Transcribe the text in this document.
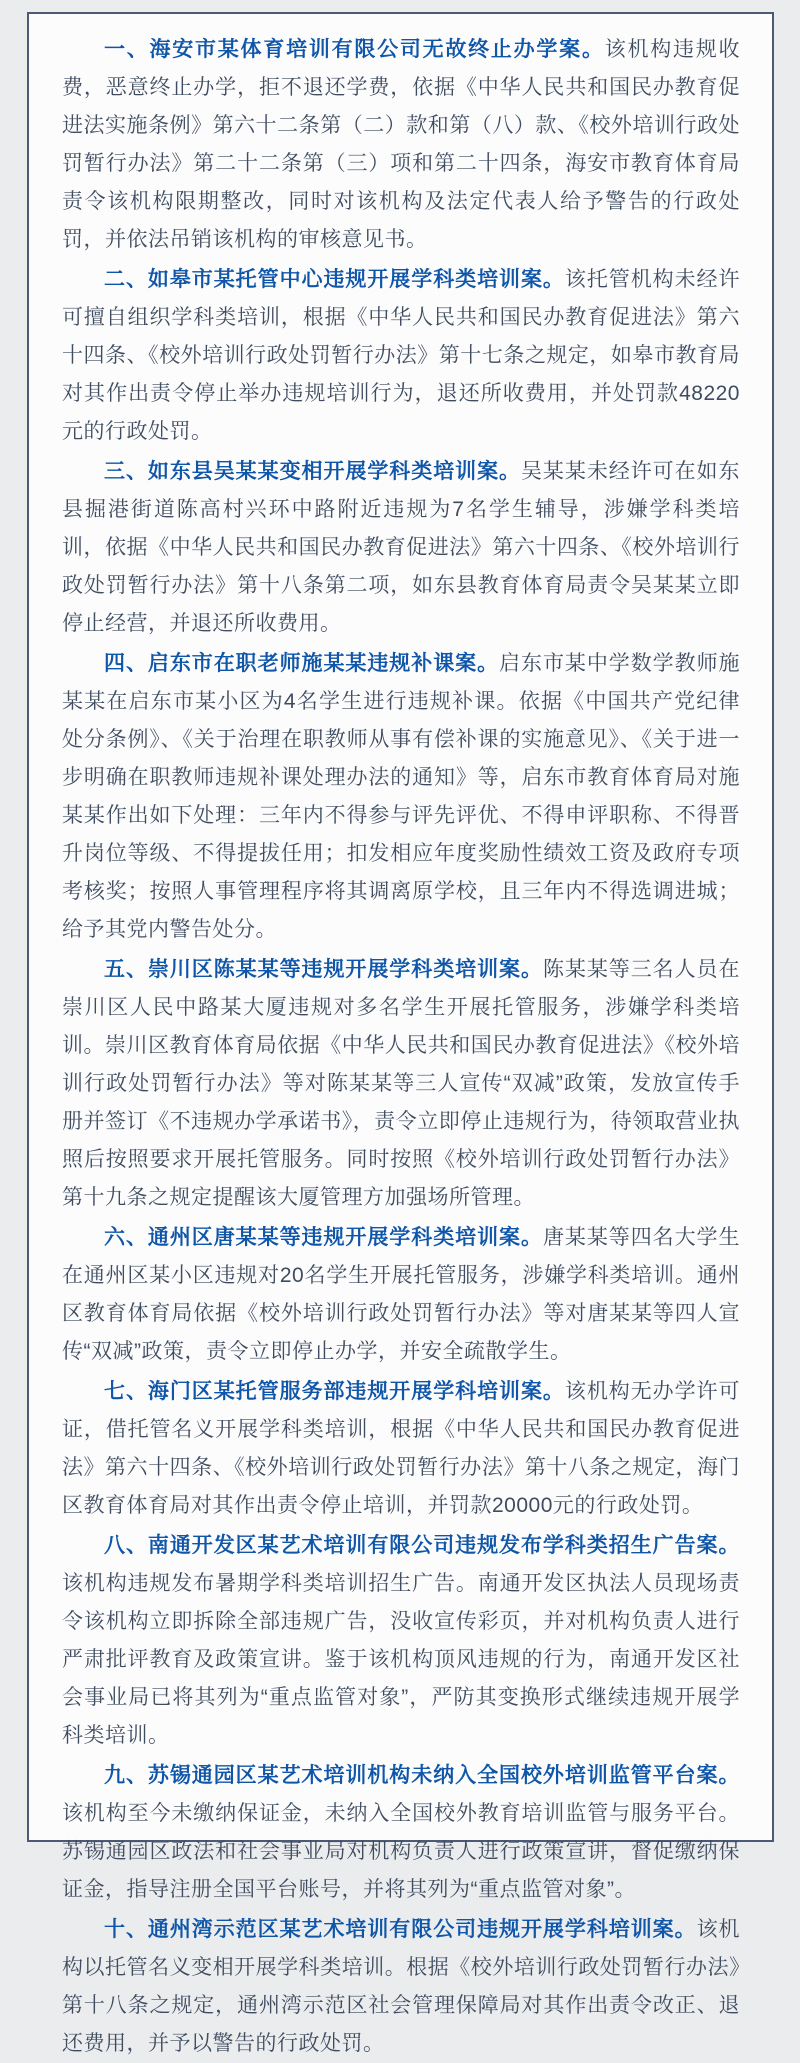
一、海安市某体育培训有限公司无故终止办学案。该机构违规收费，恶意终止办学，拒不退还学费，依据《中华人民共和国民办教育促进法实施条例》第六十二条第（二）款和第（八）款、《校外培训行政处罚暂行办法》第二十二条第（三）项和第二十四条，海安市教育体育局责令该机构限期整改，同时对该机构及法定代表人给予警告的行政处罚，并依法吊销该机构的审核意见书。

二、如皋市某托管中心违规开展学科类培训案。该托管机构未经许可擅自组织学科类培训，根据《中华人民共和国民办教育促进法》第六十四条、《校外培训行政处罚暂行办法》第十七条之规定，如皋市教育局对其作出责令停止举办违规培训行为，退还所收费用，并处罚款48220元的行政处罚。

三、如东县吴某某变相开展学科类培训案。吴某某未经许可在如东县掘港街道陈高村兴环中路附近违规为7名学生辅导，涉嫌学科类培训，依据《中华人民共和国民办教育促进法》第六十四条、《校外培训行政处罚暂行办法》第十八条第二项，如东县教育体育局责令吴某某立即停止经营，并退还所收费用。

四、启东市在职老师施某某违规补课案。启东市某中学数学教师施某某在启东市某小区为4名学生进行违规补课。依据《中国共产党纪律处分条例》、《关于治理在职教师从事有偿补课的实施意见》、《关于进一步明确在职教师违规补课处理办法的通知》等，启东市教育体育局对施某某作出如下处理：三年内不得参与评先评优、不得申评职称、不得晋升岗位等级、不得提拔任用；扣发相应年度奖励性绩效工资及政府专项考核奖；按照人事管理程序将其调离原学校，且三年内不得选调进城；给予其党内警告处分。

五、崇川区陈某某等违规开展学科类培训案。陈某某等三名人员在崇川区人民中路某大厦违规对多名学生开展托管服务，涉嫌学科类培训。崇川区教育体育局依据《中华人民共和国民办教育促进法》《校外培训行政处罚暂行办法》等对陈某某等三人宣传“双减”政策，发放宣传手册并签订《不违规办学承诺书》，责令立即停止违规行为，待领取营业执照后按照要求开展托管服务。同时按照《校外培训行政处罚暂行办法》第十九条之规定提醒该大厦管理方加强场所管理。

六、通州区唐某某等违规开展学科类培训案。唐某某等四名大学生在通州区某小区违规对20名学生开展托管服务，涉嫌学科类培训。通州区教育体育局依据《校外培训行政处罚暂行办法》等对唐某某等四人宣传“双减”政策，责令立即停止办学，并安全疏散学生。

七、海门区某托管服务部违规开展学科培训案。该机构无办学许可证，借托管名义开展学科类培训，根据《中华人民共和国民办教育促进法》第六十四条、《校外培训行政处罚暂行办法》第十八条之规定，海门区教育体育局对其作出责令停止培训，并罚款20000元的行政处罚。

八、南通开发区某艺术培训有限公司违规发布学科类招生广告案。该机构违规发布暑期学科类培训招生广告。南通开发区执法人员现场责令该机构立即拆除全部违规广告，没收宣传彩页，并对机构负责人进行严肃批评教育及政策宣讲。鉴于该机构顶风违规的行为，南通开发区社会事业局已将其列为“重点监管对象”，严防其变换形式继续违规开展学科类培训。

九、苏锡通园区某艺术培训机构未纳入全国校外培训监管平台案。该机构至今未缴纳保证金，未纳入全国校外教育培训监管与服务平台。苏锡通园区政法和社会事业局对机构负责人进行政策宣讲，督促缴纳保证金，指导注册全国平台账号，并将其列为“重点监管对象”。

十、通州湾示范区某艺术培训有限公司违规开展学科培训案。该机构以托管名义变相开展学科类培训。根据《校外培训行政处罚暂行办法》第十八条之规定，通州湾示范区社会管理保障局对其作出责令改正、退还费用，并予以警告的行政处罚。
